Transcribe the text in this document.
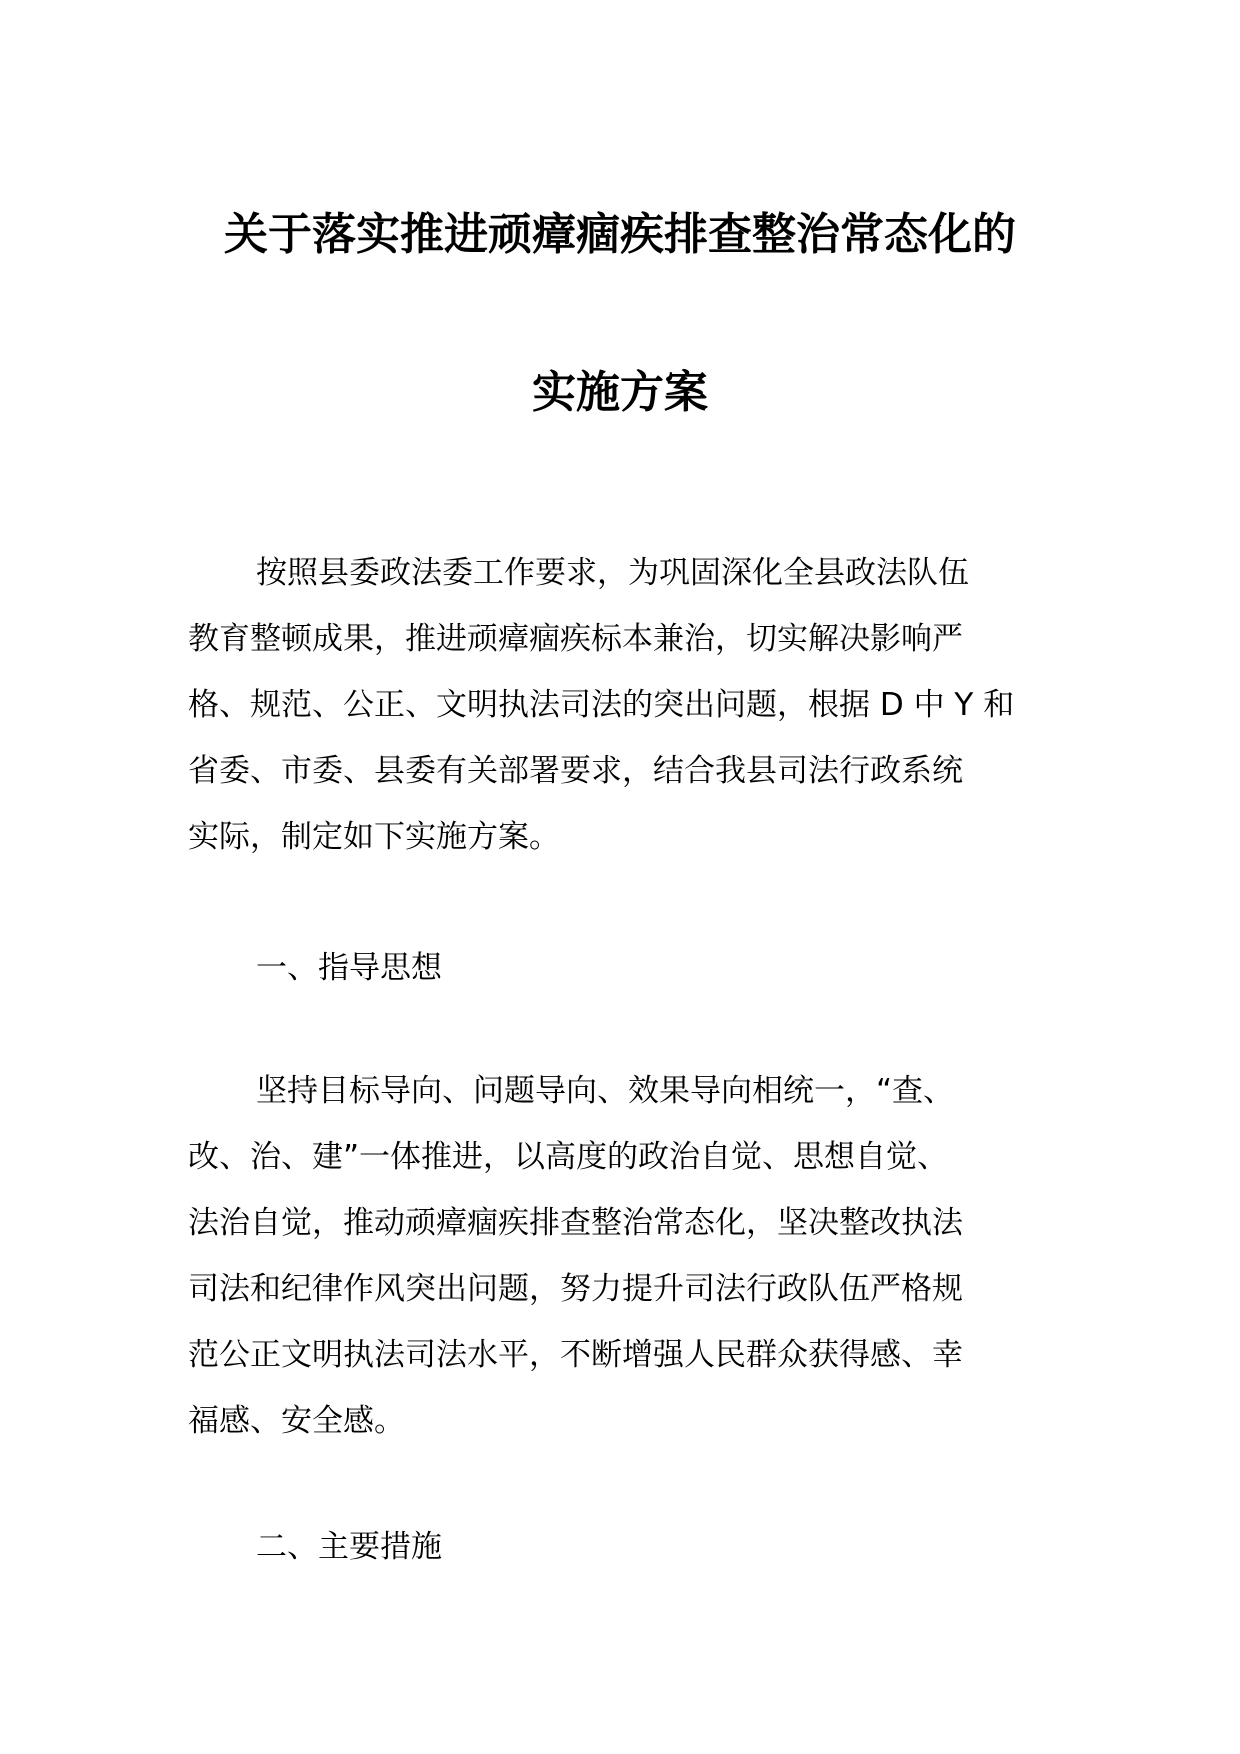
关于落实推进顽瘴痼疾排查整治常态化的
实施方案
按照县委政法委工作要求，为巩固深化全县政法队伍
教育整顿成果，推进顽瘴痼疾标本兼治，切实解决影响严
格、规范、公正、文明执法司法的突出问题，根据 D 中 Y 和
省委、市委、县委有关部署要求，结合我县司法行政系统
实际，制定如下实施方案。
一、指导思想
坚持目标导向、问题导向、效果导向相统一，“查、
改、治、建”一体推进，以高度的政治自觉、思想自觉、
法治自觉，推动顽瘴痼疾排查整治常态化，坚决整改执法
司法和纪律作风突出问题，努力提升司法行政队伍严格规
范公正文明执法司法水平，不断增强人民群众获得感、幸
福感、安全感。
二、主要措施
